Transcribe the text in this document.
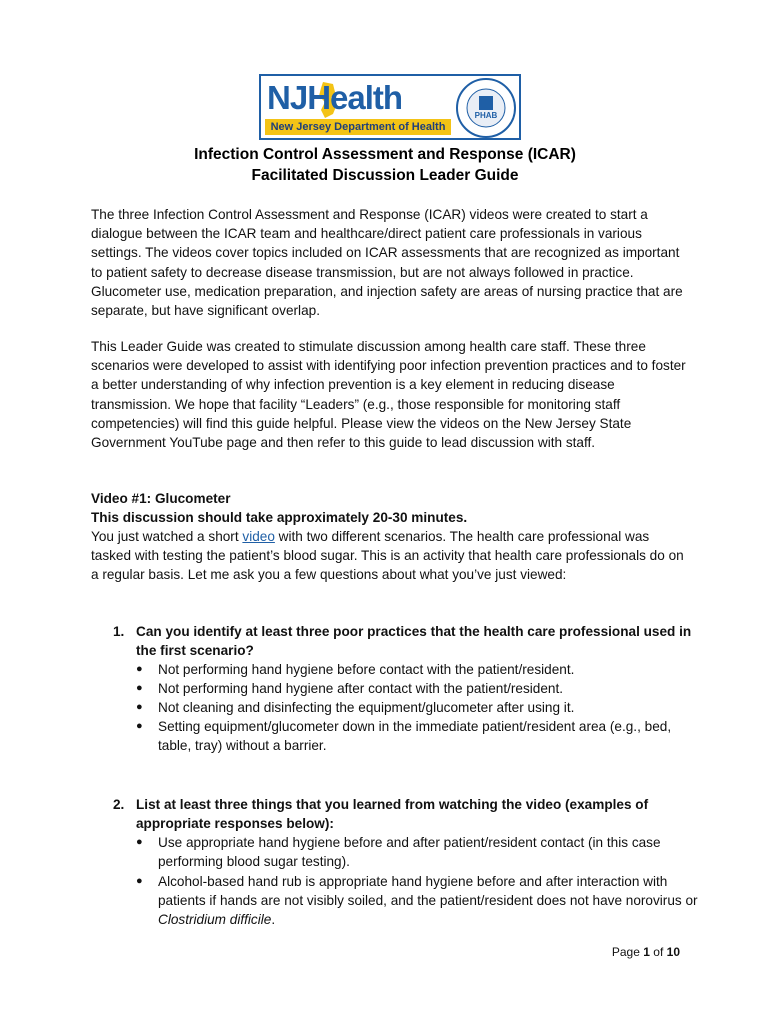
NJHealth
New Jersey Department of Health
PHAB
Infection Control Assessment and Response (ICAR)
Facilitated Discussion Leader Guide

The three Infection Control Assessment and Response (ICAR) videos were created to start a dialogue between the ICAR team and healthcare/direct patient care professionals in various settings. The videos cover topics included on ICAR assessments that are recognized as important to patient safety to decrease disease transmission, but are not always followed in practice. Glucometer use, medication preparation, and injection safety are areas of nursing practice that are separate, but have significant overlap.

This Leader Guide was created to stimulate discussion among health care staff. These three scenarios were developed to assist with identifying poor infection prevention practices and to foster a better understanding of why infection prevention is a key element in reducing disease transmission. We hope that facility “Leaders” (e.g., those responsible for monitoring staff competencies) will find this guide helpful. Please view the videos on the New Jersey State Government YouTube page and then refer to this guide to lead discussion with staff.

Video #1: Glucometer
This discussion should take approximately 20-30 minutes.

You just watched a short video with two different scenarios. The health care professional was tasked with testing the patient’s blood sugar. This is an activity that health care professionals do on a regular basis. Let me ask you a few questions about what you’ve just viewed:

1. Can you identify at least three poor practices that the health care professional used in the first scenario?
● Not performing hand hygiene before contact with the patient/resident.
● Not performing hand hygiene after contact with the patient/resident.
● Not cleaning and disinfecting the equipment/glucometer after using it.
● Setting equipment/glucometer down in the immediate patient/resident area (e.g., bed, table, tray) without a barrier.
2. List at least three things that you learned from watching the video (examples of appropriate responses below):
● Use appropriate hand hygiene before and after patient/resident contact (in this case performing blood sugar testing).
● Alcohol-based hand rub is appropriate hand hygiene before and after interaction with patients if hands are not visibly soiled, and the patient/resident does not have norovirus or Clostridium difficile.
Page 1 of 10
